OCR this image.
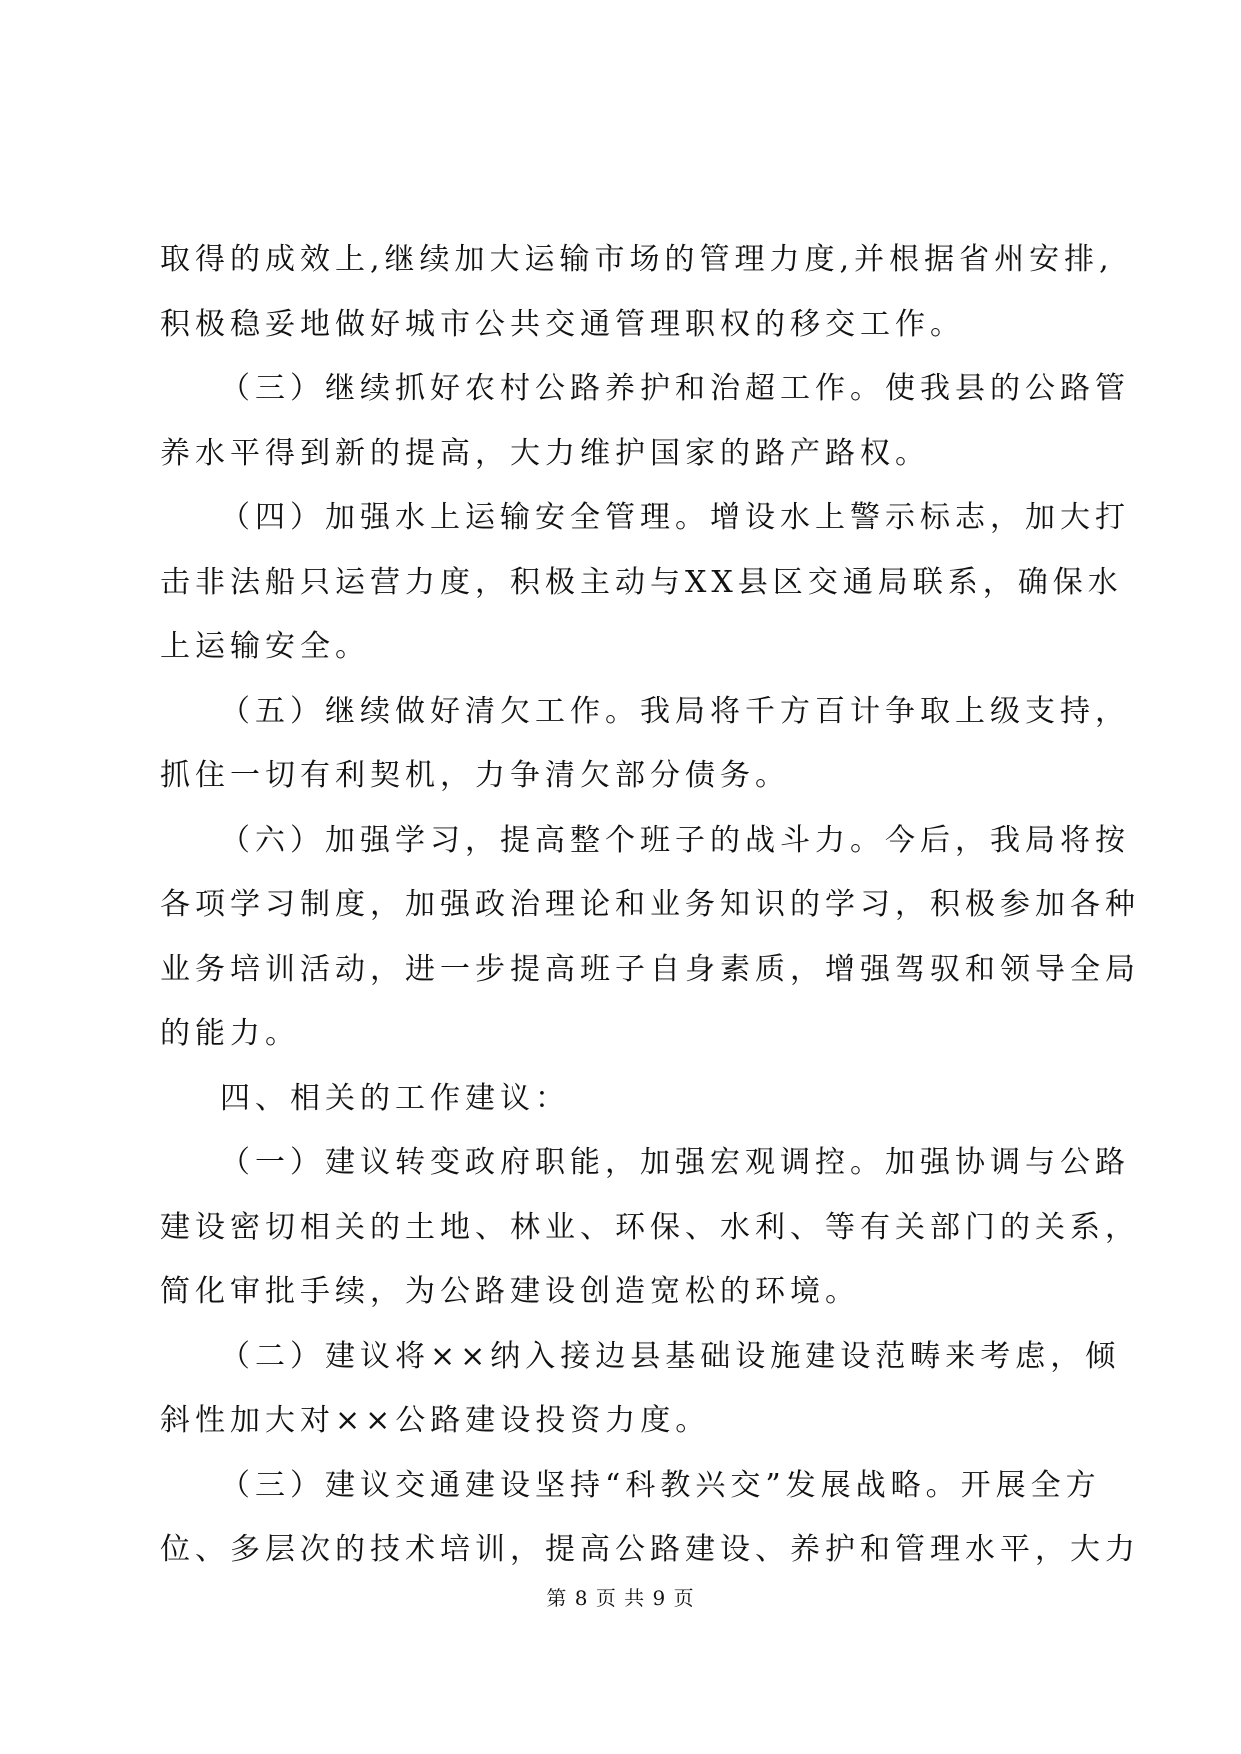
取得的成效上,继续加大运输市场的管理力度,并根据省州安排,
积极稳妥地做好城市公共交通管理职权的移交工作。
（三）继续抓好农村公路养护和治超工作。使我县的公路管
养水平得到新的提高，大力维护国家的路产路权。
（四）加强水上运输安全管理。增设水上警示标志，加大打
击非法船只运营力度，积极主动与XX县区交通局联系，确保水
上运输安全。
（五）继续做好清欠工作。我局将千方百计争取上级支持，
抓住一切有利契机，力争清欠部分债务。
（六）加强学习，提高整个班子的战斗力。今后，我局将按
各项学习制度，加强政治理论和业务知识的学习，积极参加各种
业务培训活动，进一步提高班子自身素质，增强驾驭和领导全局
的能力。
四、相关的工作建议：
（一）建议转变政府职能，加强宏观调控。加强协调与公路
建设密切相关的土地、林业、环保、水利、等有关部门的关系，
简化审批手续，为公路建设创造宽松的环境。
（二）建议将××纳入接边县基础设施建设范畴来考虑，倾
斜性加大对××公路建设投资力度。
（三）建议交通建设坚持“科教兴交”发展战略。开展全方
位、多层次的技术培训，提高公路建设、养护和管理水平，大力

第 8 页 共 9 页
